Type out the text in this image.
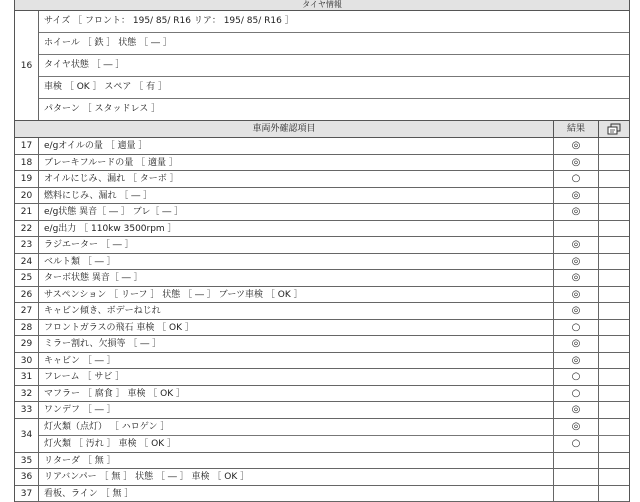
タイヤ情報
16
サイズ ［ フロント： 195/ 85/ R16 リア： 195/ 85/ R16 ］
ホイール ［ 鉄 ］ 状態 ［ ― ］
タイヤ状態 ［ ― ］
車検 ［ OK ］ スペア ［ 有 ］
パターン ［ スタッドレス ］
車両外確認項目	結果
17	e/gオイルの量 ［ 適量 ］	◎
18	ブレーキフルードの量 ［ 適量 ］	◎
19	オイルにじみ、漏れ ［ ターボ ］	○
20	燃料にじみ、漏れ ［ ― ］	◎
21	e/g状態 異音［ ― ］ ブレ［ ― ］	◎
22	e/g出力 ［ 110kw 3500rpm ］
23	ラジエーター ［ ― ］	◎
24	ベルト類 ［ ― ］	◎
25	ターボ状態 異音［ ― ］	◎
26	サスペンション ［ リーフ ］ 状態 ［ ― ］ ブーツ車検 ［ OK ］	◎
27	キャビン傾き、ボデーねじれ	◎
28	フロントガラスの飛石 車検 ［ OK ］	○
29	ミラー割れ、欠損等 ［ ― ］	◎
30	キャビン ［ ― ］	◎
31	フレーム ［ サビ ］	○
32	マフラー ［ 腐食 ］ 車検 ［ OK ］	○
33	ワンデフ ［ ― ］	◎
34
灯火類（点灯） ［ ハロゲン ］	◎
灯火類 ［ 汚れ ］ 車検 ［ OK ］	○
35	リターダ ［ 無 ］
36	リアバンパー ［ 無 ］ 状態 ［ ― ］ 車検 ［ OK ］
37	看板、ライン ［ 無 ］
